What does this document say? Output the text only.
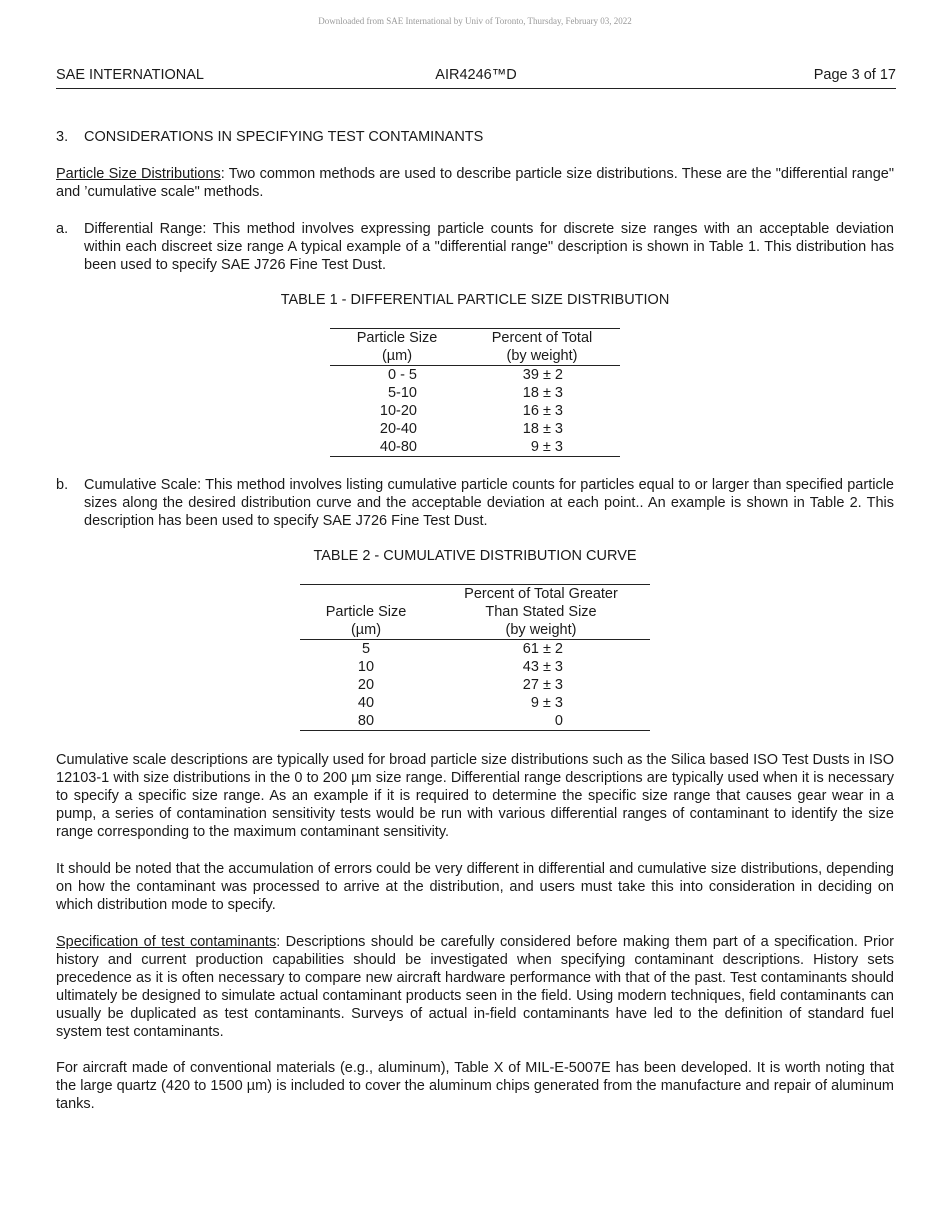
Downloaded from SAE International by Univ of Toronto, Thursday, February 03, 2022
SAE INTERNATIONAL	AIR4246™D	Page 3 of 17
3. CONSIDERATIONS IN SPECIFYING TEST CONTAMINANTS
Particle Size Distributions: Two common methods are used to describe particle size distributions. These are the "differential range" and ’cumulative scale" methods.
a. Differential Range: This method involves expressing particle counts for discrete size ranges with an acceptable deviation within each discreet size range A typical example of a "differential range" description is shown in Table 1. This distribution has been used to specify SAE J726 Fine Test Dust.
TABLE 1 - DIFFERENTIAL PARTICLE SIZE DISTRIBUTION
Particle Size	Percent of Total
(µm)	(by weight)
0 - 5	39 ± 2
5-10	18 ± 3
10-20	16 ± 3
20-40	18 ± 3
40-80	9 ± 3
b. Cumulative Scale: This method involves listing cumulative particle counts for particles equal to or larger than specified particle sizes along the desired distribution curve and the acceptable deviation at each point.. An example is shown in Table 2. This description has been used to specify SAE J726 Fine Test Dust.
TABLE 2 - CUMULATIVE DISTRIBUTION CURVE
	Percent of Total Greater
Particle Size	Than Stated Size
(µm)	(by weight)
5	61 ± 2
10	43 ± 3
20	27 ± 3
40	9 ± 3
80	0
Cumulative scale descriptions are typically used for broad particle size distributions such as the Silica based ISO Test Dusts in ISO 12103-1 with size distributions in the 0 to 200 µm size range. Differential range descriptions are typically used when it is necessary to specify a specific size range. As an example if it is required to determine the specific size range that causes gear wear in a pump, a series of contamination sensitivity tests would be run with various differential ranges of contaminant to identify the size range corresponding to the maximum contaminant sensitivity.
It should be noted that the accumulation of errors could be very different in differential and cumulative size distributions, depending on how the contaminant was processed to arrive at the distribution, and users must take this into consideration in deciding on which distribution mode to specify.
Specification of test contaminants: Descriptions should be carefully considered before making them part of a specification. Prior history and current production capabilities should be investigated when specifying contaminant descriptions. History sets precedence as it is often necessary to compare new aircraft hardware performance with that of the past. Test contaminants should ultimately be designed to simulate actual contaminant products seen in the field. Using modern techniques, field contaminants can usually be duplicated as test contaminants. Surveys of actual in-field contaminants have led to the definition of standard fuel system test contaminants.
For aircraft made of conventional materials (e.g., aluminum), Table X of MIL-E-5007E has been developed. It is worth noting that the large quartz (420 to 1500 µm) is included to cover the aluminum chips generated from the manufacture and repair of aluminum tanks.
